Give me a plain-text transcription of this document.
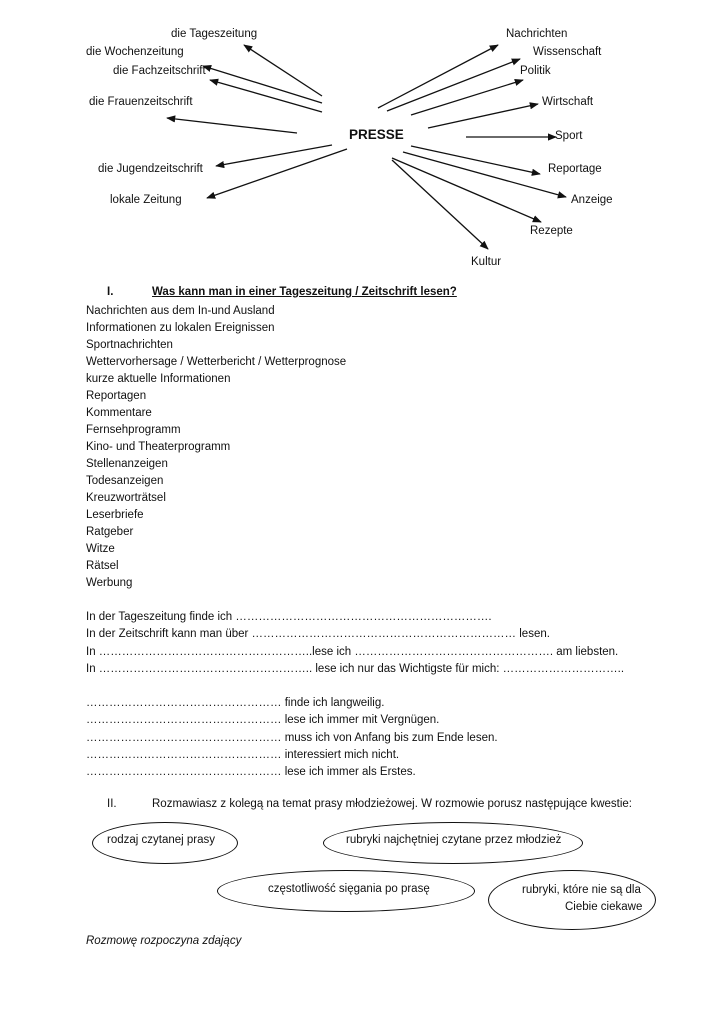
PRESSE
die Tageszeitung
die Wochenzeitung
die Fachzeitschrift
die Frauenzeitschrift
die Jugendzeitschrift
lokale Zeitung
Nachrichten
Wissenschaft
Politik
Wirtschaft
Sport
Reportage
Anzeige
Rezepte
Kultur
I.	Was kann man in einer Tageszeitung / Zeitschrift lesen?
Nachrichten aus dem In-und Ausland
Informationen zu lokalen Ereignissen
Sportnachrichten
Wettervorhersage / Wetterbericht / Wetterprognose
kurze aktuelle Informationen
Reportagen
Kommentare
Fernsehprogramm
Kino- und Theaterprogramm
Stellenanzeigen
Todesanzeigen
Kreuzworträtsel
Leserbriefe
Ratgeber
Witze
Rätsel
Werbung
In der Tageszeitung finde ich ………………………………………………………….
In der Zeitschrift kann man über …………………………………………………………… lesen.
In ………………………………………………..lese ich ……………………………………………. am liebsten.
In ……………………………………………….. lese ich nur das Wichtigste für mich: …………………………..
…………………………………………… finde ich langweilig.
…………………………………………… lese ich immer mit Vergnügen.
…………………………………………… muss ich von Anfang bis zum Ende lesen.
…………………………………………… interessiert mich nicht.
…………………………………………… lese ich immer als Erstes.
II.	Rozmawiasz z kolegą na temat prasy młodzieżowej. W rozmowie porusz następujące kwestie:
rodzaj czytanej prasy	rubryki najchętniej czytane przez młodzież
częstotliwość sięgania po prasę	rubryki, które nie są dla
Ciebie ciekawe
Rozmowę rozpoczyna zdający
